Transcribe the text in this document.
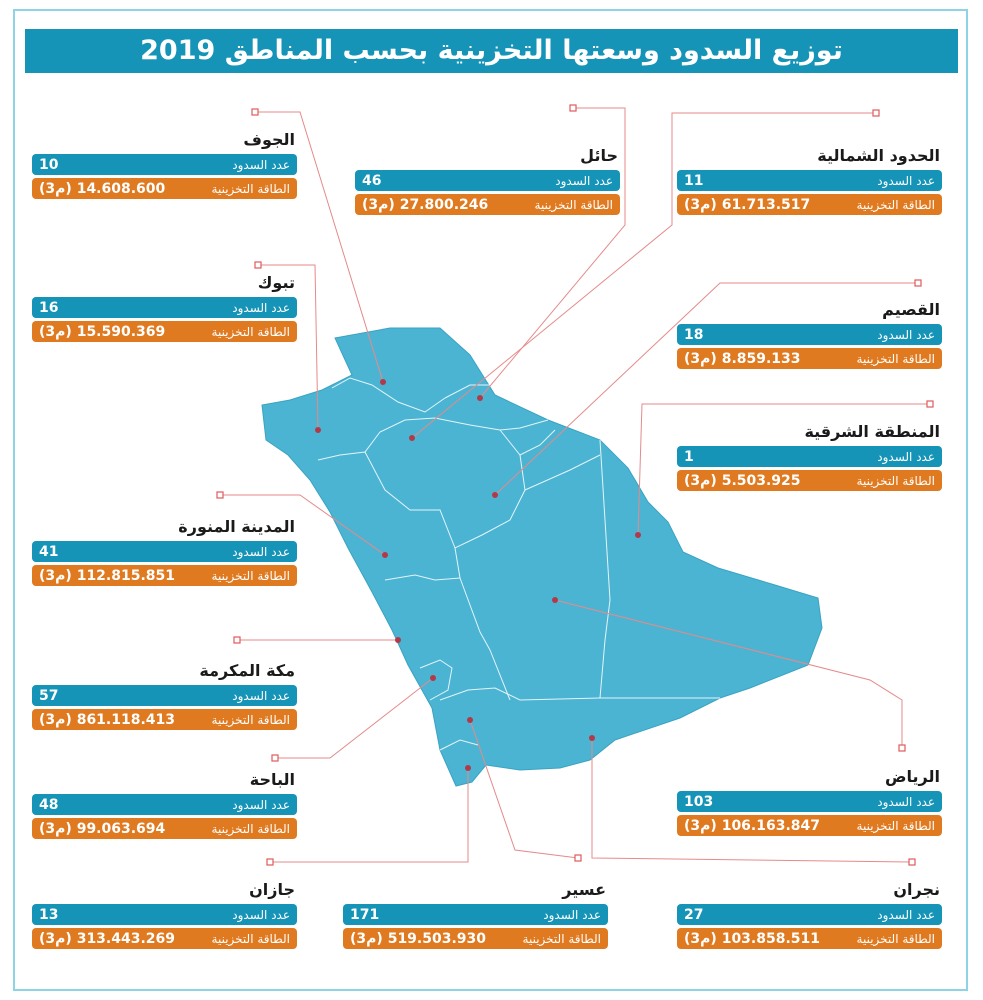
توزيع السدود وسعتها التخزينية بحسب المناطق 2019
الجوف
عدد السدود
10
الطاقة التخزينية
14.608.600 (م3)
حائل
عدد السدود
46
الطاقة التخزينية
27.800.246 (م3)
الحدود الشمالية
عدد السدود
11
الطاقة التخزينية
61.713.517 (م3)
تبوك
عدد السدود
16
الطاقة التخزينية
15.590.369 (م3)
القصيم
عدد السدود
18
الطاقة التخزينية
8.859.133 (م3)
المنطقة الشرقية
عدد السدود
1
الطاقة التخزينية
5.503.925 (م3)
المدينة المنورة
عدد السدود
41
الطاقة التخزينية
112.815.851 (م3)
مكة المكرمة
عدد السدود
57
الطاقة التخزينية
861.118.413 (م3)
الباحة
عدد السدود
48
الطاقة التخزينية
99.063.694 (م3)
الرياض
عدد السدود
103
الطاقة التخزينية
106.163.847 (م3)
جازان
عدد السدود
13
الطاقة التخزينية
313.443.269 (م3)
عسير
عدد السدود
171
الطاقة التخزينية
519.503.930 (م3)
نجران
عدد السدود
27
الطاقة التخزينية
103.858.511 (م3)
